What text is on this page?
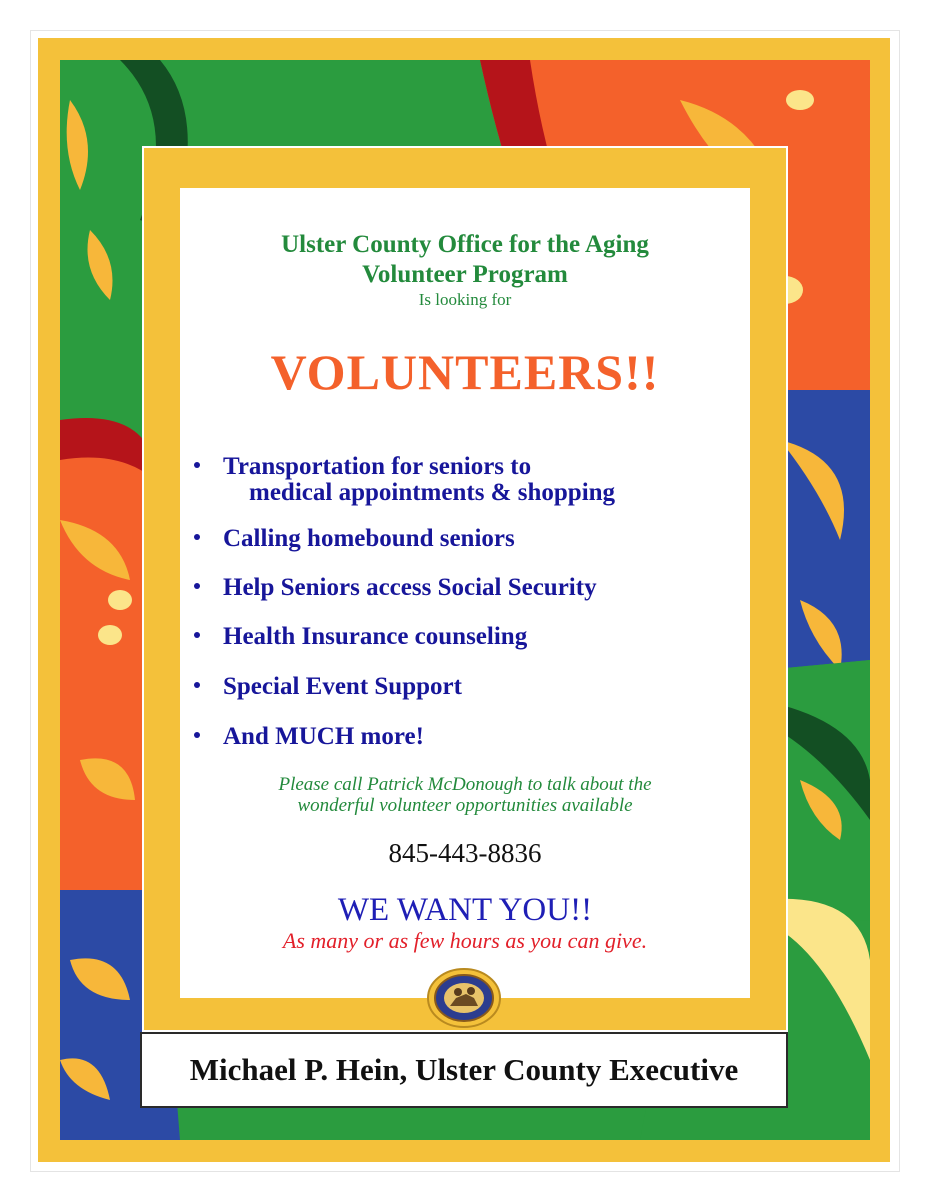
Ulster County Office for the Aging

Volunteer Program

Is looking for

VOLUNTEERS!!

Transportation for seniors to
medical appointments & shopping
Calling homebound seniors
Help Seniors access Social Security
Health Insurance counseling
Special Event Support
And MUCH more!

Please call Patrick McDonough to talk about the

wonderful volunteer opportunities available

845-443-8836

WE WANT YOU!!

As many or as few hours as you can give.

Michael P. Hein, Ulster County Executive
